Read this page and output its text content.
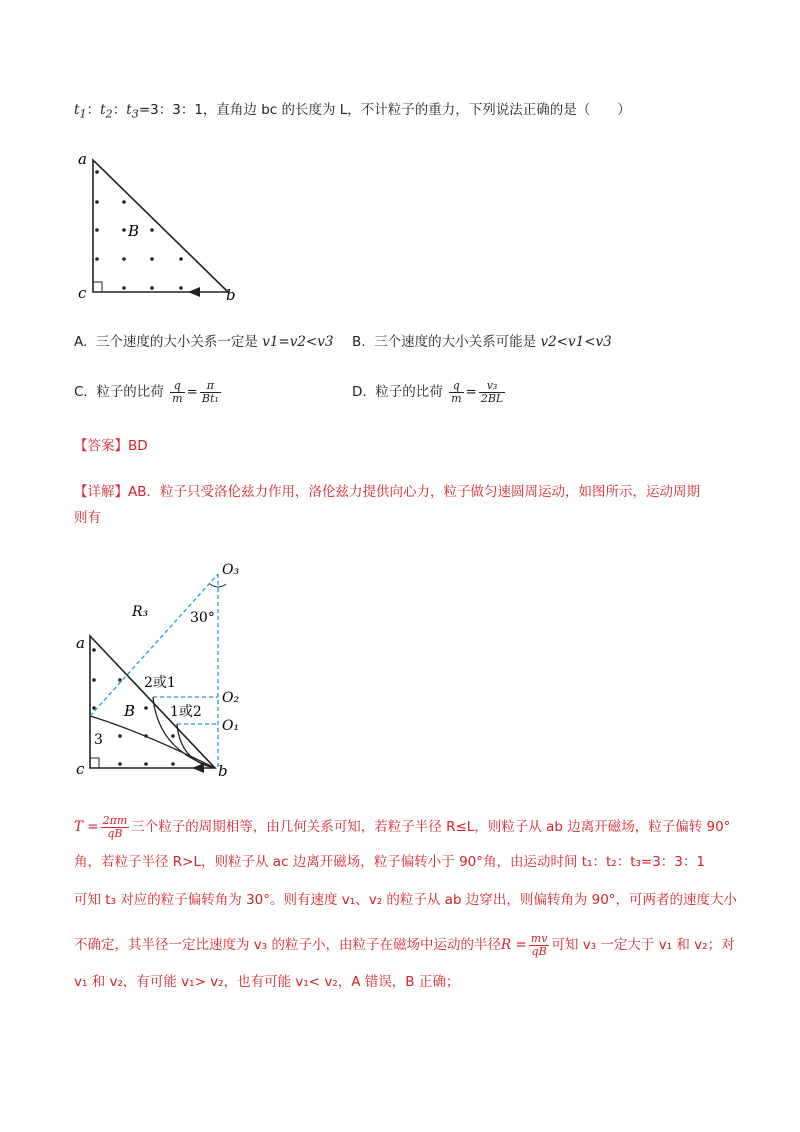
$t_1$：$t_2$：$t_3=3$：3：1，直角边 bc 的长度为 L，不计粒子的重力，下列说法正确的是（　　）
a
c	b
B
A. 三个速度的大小关系一定是 v1=v2<v3 B. 三个速度的大小关系可能是 v2<v1<v3
C. 粒子的比荷 $\frac{q}{m} = \frac{\pi}{\text{Bt₁}}$	D. 粒子的比荷 $\frac{q}{m} = \frac{\text{v₃}}{2BL}$
【答案】BD
【详解】AB．粒子只受洛伦兹力作用，洛伦兹力提供向心力，粒子做匀速圆周运动，如图所示，运动周期
则有
O₃
R₃	30°
a
2或1
O₂
B 1或2
O₁
3
c	b
$T = \frac{2\pi m}{qB}$ 三个粒子的周期相等，由几何关系可知，若粒子半径 R≤L，则粒子从 ab 边离开磁场，粒子偏转 90°
角，若粒子半径 R>L，则粒子从 ac 边离开磁场，粒子偏转小于 90°角，由运动时间 t₁：t₂：t₃=3：3：1
可知 t₃ 对应的粒子偏转角为 30°。则有速度 v₁、v₂ 的粒子从 ab 边穿出，则偏转角为 90°，可两者的速度大小
不确定，其半径一定比速度为 v₃ 的粒子小，由粒子在磁场中运动的半径$R = \frac{mv}{qB}$ 可知 v₃ 一定大于 v₁ 和 v₂；对
v₁ 和 v₂，有可能 v₁> v₂，也有可能 v₁< v₂，A 错误，B 正确；
